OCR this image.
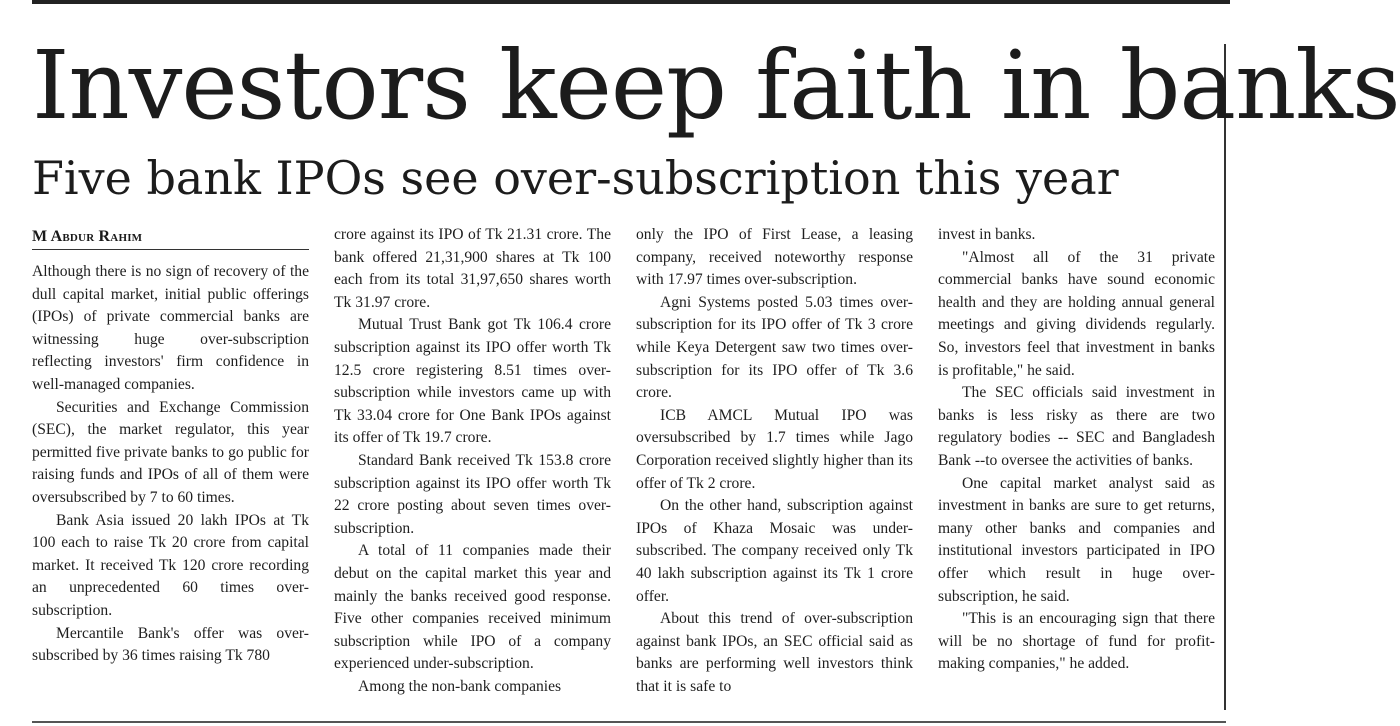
Investors keep faith in banks
Five bank IPOs see over-subscription this year
M Abdur Rahim

Although there is no sign of recovery of the dull capital market, initial public offerings (IPOs) of private commercial banks are witnessing huge over-subscription reflecting investors' firm confidence in well-managed companies.

Securities and Exchange Commission (SEC), the market regulator, this year permitted five private banks to go public for raising funds and IPOs of all of them were oversubscribed by 7 to 60 times.

Bank Asia issued 20 lakh IPOs at Tk 100 each to raise Tk 20 crore from capital market. It received Tk 120 crore recording an unprecedented 60 times over-subscription.

Mercantile Bank's offer was over-subscribed by 36 times raising Tk 780

crore against its IPO of Tk 21.31 crore. The bank offered 21,31,900 shares at Tk 100 each from its total 31,97,650 shares worth Tk 31.97 crore.

Mutual Trust Bank got Tk 106.4 crore subscription against its IPO offer worth Tk 12.5 crore registering 8.51 times over-subscription while investors came up with Tk 33.04 crore for One Bank IPOs against its offer of Tk 19.7 crore.

Standard Bank received Tk 153.8 crore subscription against its IPO offer worth Tk 22 crore posting about seven times over-subscription.

A total of 11 companies made their debut on the capital market this year and mainly the banks received good response. Five other companies received minimum subscription while IPO of a company experienced under-subscription.

Among the non-bank companies

only the IPO of First Lease, a leasing company, received noteworthy response with 17.97 times over-subscription.

Agni Systems posted 5.03 times over-subscription for its IPO offer of Tk 3 crore while Keya Detergent saw two times over-subscription for its IPO offer of Tk 3.6 crore.

ICB AMCL Mutual IPO was oversubscribed by 1.7 times while Jago Corporation received slightly higher than its offer of Tk 2 crore.

On the other hand, subscription against IPOs of Khaza Mosaic was under-subscribed. The company received only Tk 40 lakh subscription against its Tk 1 crore offer.

About this trend of over-subscription against bank IPOs, an SEC official said as banks are performing well investors think that it is safe to

invest in banks.

"Almost all of the 31 private commercial banks have sound economic health and they are holding annual general meetings and giving dividends regularly. So, investors feel that investment in banks is profitable," he said.

The SEC officials said investment in banks is less risky as there are two regulatory bodies -- SEC and Bangladesh Bank --to oversee the activities of banks.

One capital market analyst said as investment in banks are sure to get returns, many other banks and companies and institutional investors participated in IPO offer which result in huge over-subscription, he said.

"This is an encouraging sign that there will be no shortage of fund for profit-making companies," he added.
